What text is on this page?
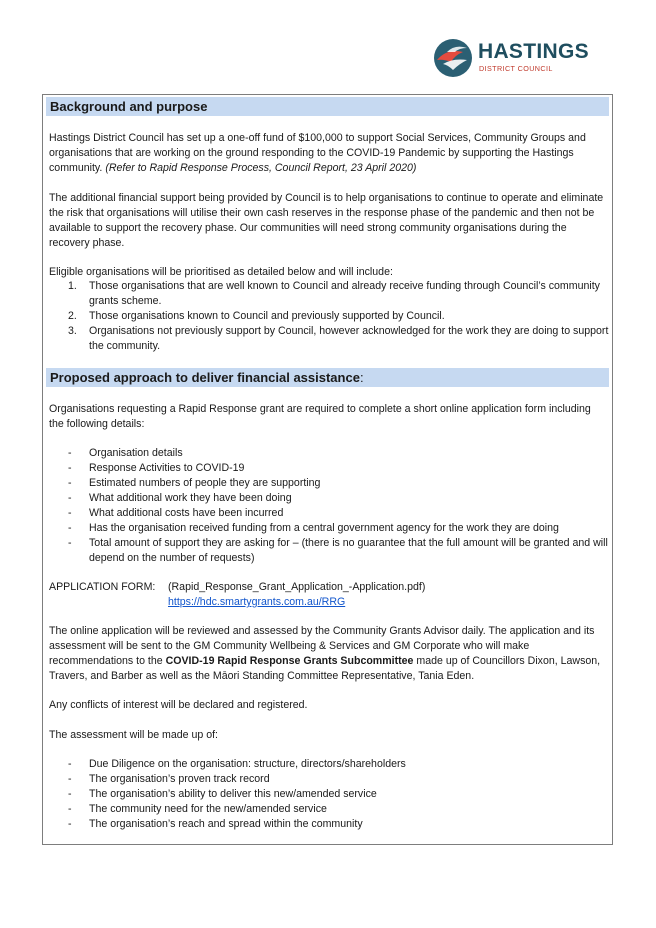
HASTINGS
DISTRICT COUNCIL
Background and purpose
Hastings District Council has set up a one-off fund of $100,000 to support Social Services, Community Groups and organisations that are working on the ground responding to the COVID-19 Pandemic by supporting the Hastings community. (Refer to Rapid Response Process, Council Report, 23 April 2020)
The additional financial support being provided by Council is to help organisations to continue to operate and eliminate the risk that organisations will utilise their own cash reserves in the response phase of the pandemic and then not be available to support the recovery phase. Our communities will need strong community organisations during the recovery phase.
Eligible organisations will be prioritised as detailed below and will include:
1. Those organisations that are well known to Council and already receive funding through Council’s community grants scheme.
2. Those organisations known to Council and previously supported by Council.
3. Organisations not previously support by Council, however acknowledged for the work they are doing to support the community.
Proposed approach to deliver financial assistance:
Organisations requesting a Rapid Response grant are required to complete a short online application form including the following details:
- Organisation details
- Response Activities to COVID-19
- Estimated numbers of people they are supporting
- What additional work they have been doing
- What additional costs have been incurred
- Has the organisation received funding from a central government agency for the work they are doing
- Total amount of support they are asking for – (there is no guarantee that the full amount will be granted and will depend on the number of requests)
APPLICATION FORM:	(Rapid_Response_Grant_Application_-Application.pdf)
https://hdc.smartygrants.com.au/RRG
The online application will be reviewed and assessed by the Community Grants Advisor daily. The application and its assessment will be sent to the GM Community Wellbeing & Services and GM Corporate who will make recommendations to the COVID-19 Rapid Response Grants Subcommittee made up of Councillors Dixon, Lawson, Travers, and Barber as well as the Māori Standing Committee Representative, Tania Eden.
Any conflicts of interest will be declared and registered.
The assessment will be made up of:
- Due Diligence on the organisation: structure, directors/shareholders
- The organisation’s proven track record
- The organisation’s ability to deliver this new/amended service
- The community need for the new/amended service
- The organisation’s reach and spread within the community
